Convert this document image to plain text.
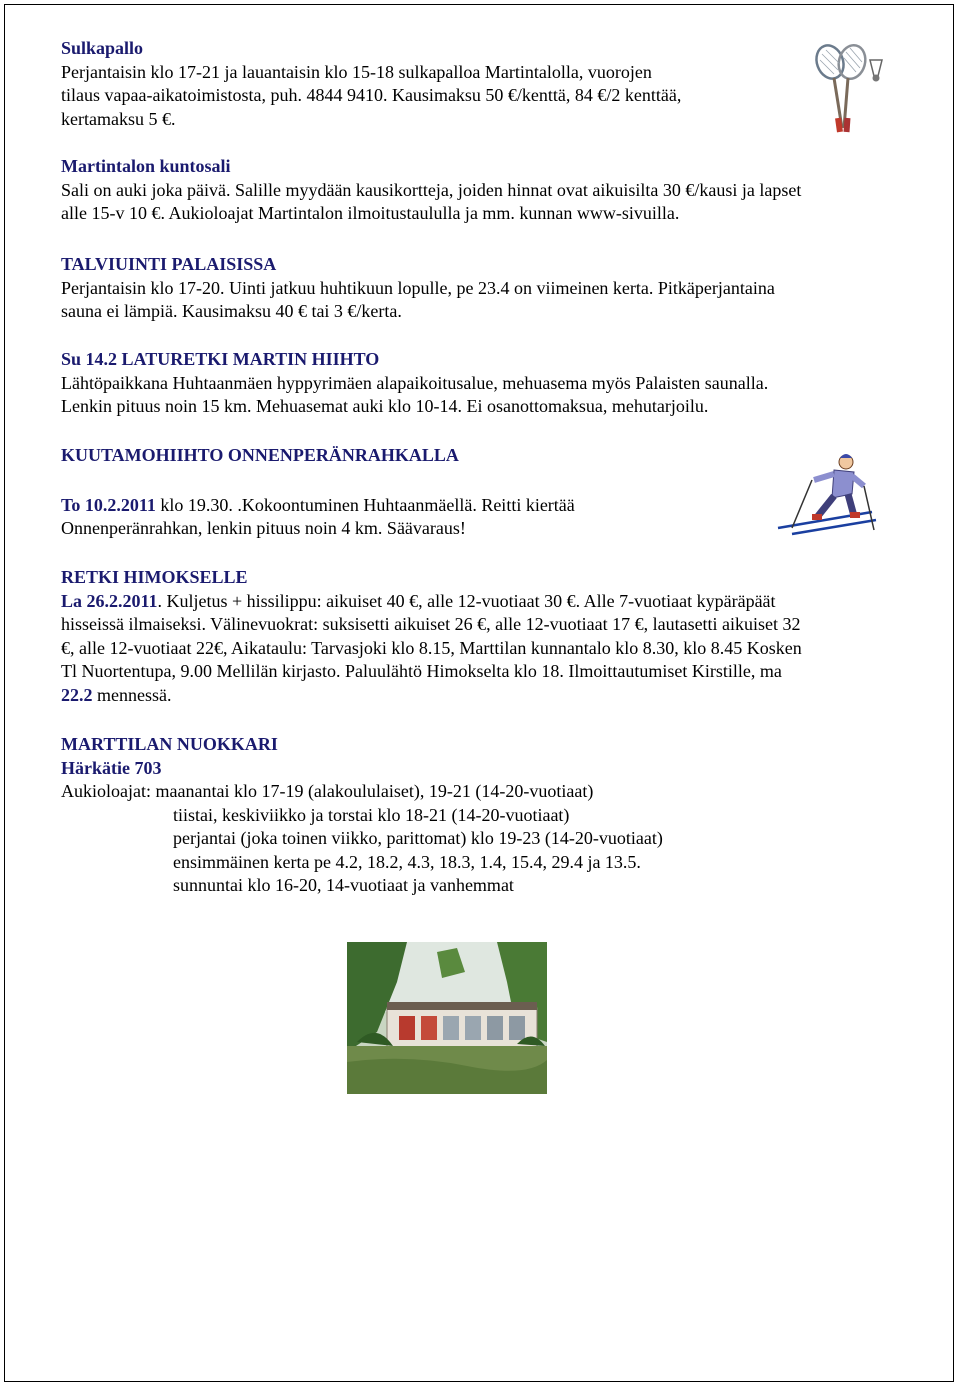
Sulkapallo

Perjantaisin klo 17-21 ja lauantaisin klo 15-18 sulkapalloa Martintalolla, vuorojen

tilaus vapaa-aikatoimistosta, puh. 4844 9410. Kausimaksu 50 €/kenttä, 84 €/2 kenttää,

kertamaksu 5 €.

Martintalon kuntosali

Sali on auki joka päivä. Salille myydään kausikortteja, joiden hinnat ovat aikuisilta 30 €/kausi ja lapset

alle 15-v 10 €. Aukioloajat Martintalon ilmoitustaululla ja mm. kunnan www-sivuilla.

TALVIUINTI PALAISISSA

Perjantaisin klo 17-20. Uinti jatkuu huhtikuun lopulle, pe 23.4 on viimeinen kerta. Pitkäperjantaina

sauna ei lämpiä. Kausimaksu 40 € tai 3 €/kerta.

Su 14.2 LATURETKI MARTIN HIIHTO

Lähtöpaikkana Huhtaanmäen hyppyrimäen alapaikoitusalue, mehuasema myös Palaisten saunalla.

Lenkin pituus noin 15 km. Mehuasemat auki klo 10-14. Ei osanottomaksua, mehutarjoilu.

KUUTAMOHIIHTO ONNENPERÄNRAHKALLA

To 10.2.2011 klo 19.30. .Kokoontuminen Huhtaanmäellä. Reitti kiertää

Onnenperänrahkan, lenkin pituus noin 4 km. Säävaraus!

RETKI HIMOKSELLE

La 26.2.2011. Kuljetus + hissilippu: aikuiset 40 €, alle 12-vuotiaat 30 €. Alle 7-vuotiaat kypäräpäät

hisseissä ilmaiseksi. Välinevuokrat: suksisetti aikuiset 26 €, alle 12-vuotiaat 17 €, lautasetti aikuiset 32

€, alle 12-vuotiaat 22€, Aikataulu: Tarvasjoki klo 8.15, Marttilan kunnantalo klo 8.30, klo 8.45 Kosken

Tl Nuortentupa, 9.00 Mellilän kirjasto. Paluulähtö Himokselta klo 18. Ilmoittautumiset Kirstille, ma

22.2 mennessä.

MARTTILAN NUOKKARI

Härkätie 703

Aukioloajat: maanantai klo 17-19 (alakoululaiset), 19-21 (14-20-vuotiaat)

tiistai, keskiviikko ja torstai klo 18-21 (14-20-vuotiaat)

perjantai (joka toinen viikko, parittomat) klo 19-23 (14-20-vuotiaat)

ensimmäinen kerta pe 4.2, 18.2, 4.3, 18.3, 1.4, 15.4, 29.4 ja 13.5.

sunnuntai klo 16-20, 14-vuotiaat ja vanhemmat
